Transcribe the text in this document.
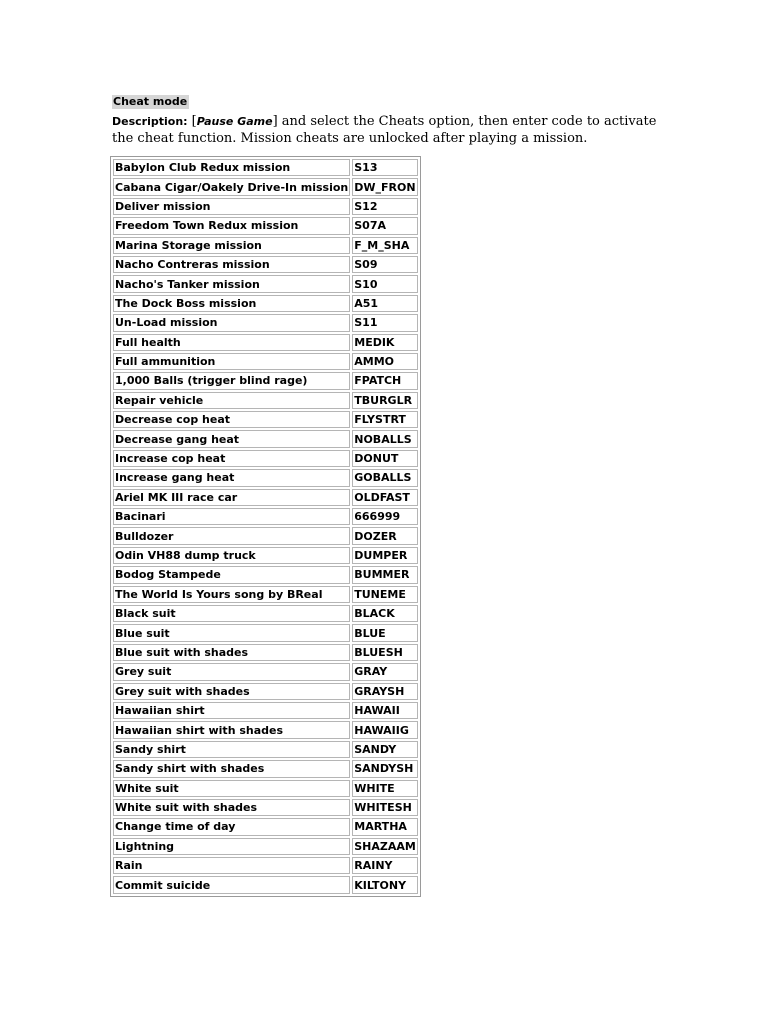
Cheat mode
Description: [Pause Game] and select the Cheats option, then enter code to activate the cheat function. Mission cheats are unlocked after playing a mission.
Babylon Club Redux mission	S13
Cabana Cigar/Oakely Drive-In mission	DW_FRON
Deliver mission	S12
Freedom Town Redux mission	S07A
Marina Storage mission	F_M_SHA
Nacho Contreras mission	S09
Nacho's Tanker mission	S10
The Dock Boss mission	A51
Un-Load mission	S11
Full health	MEDIK
Full ammunition	AMMO
1,000 Balls (trigger blind rage)	FPATCH
Repair vehicle	TBURGLR
Decrease cop heat	FLYSTRT
Decrease gang heat	NOBALLS
Increase cop heat	DONUT
Increase gang heat	GOBALLS
Ariel MK III race car	OLDFAST
Bacinari	666999
Bulldozer	DOZER
Odin VH88 dump truck	DUMPER
Bodog Stampede	BUMMER
The World Is Yours song by BReal	TUNEME
Black suit	BLACK
Blue suit	BLUE
Blue suit with shades	BLUESH
Grey suit	GRAY
Grey suit with shades	GRAYSH
Hawaiian shirt	HAWAII
Hawaiian shirt with shades	HAWAIIG
Sandy shirt	SANDY
Sandy shirt with shades	SANDYSH
White suit	WHITE
White suit with shades	WHITESH
Change time of day	MARTHA
Lightning	SHAZAAM
Rain	RAINY
Commit suicide	KILTONY
